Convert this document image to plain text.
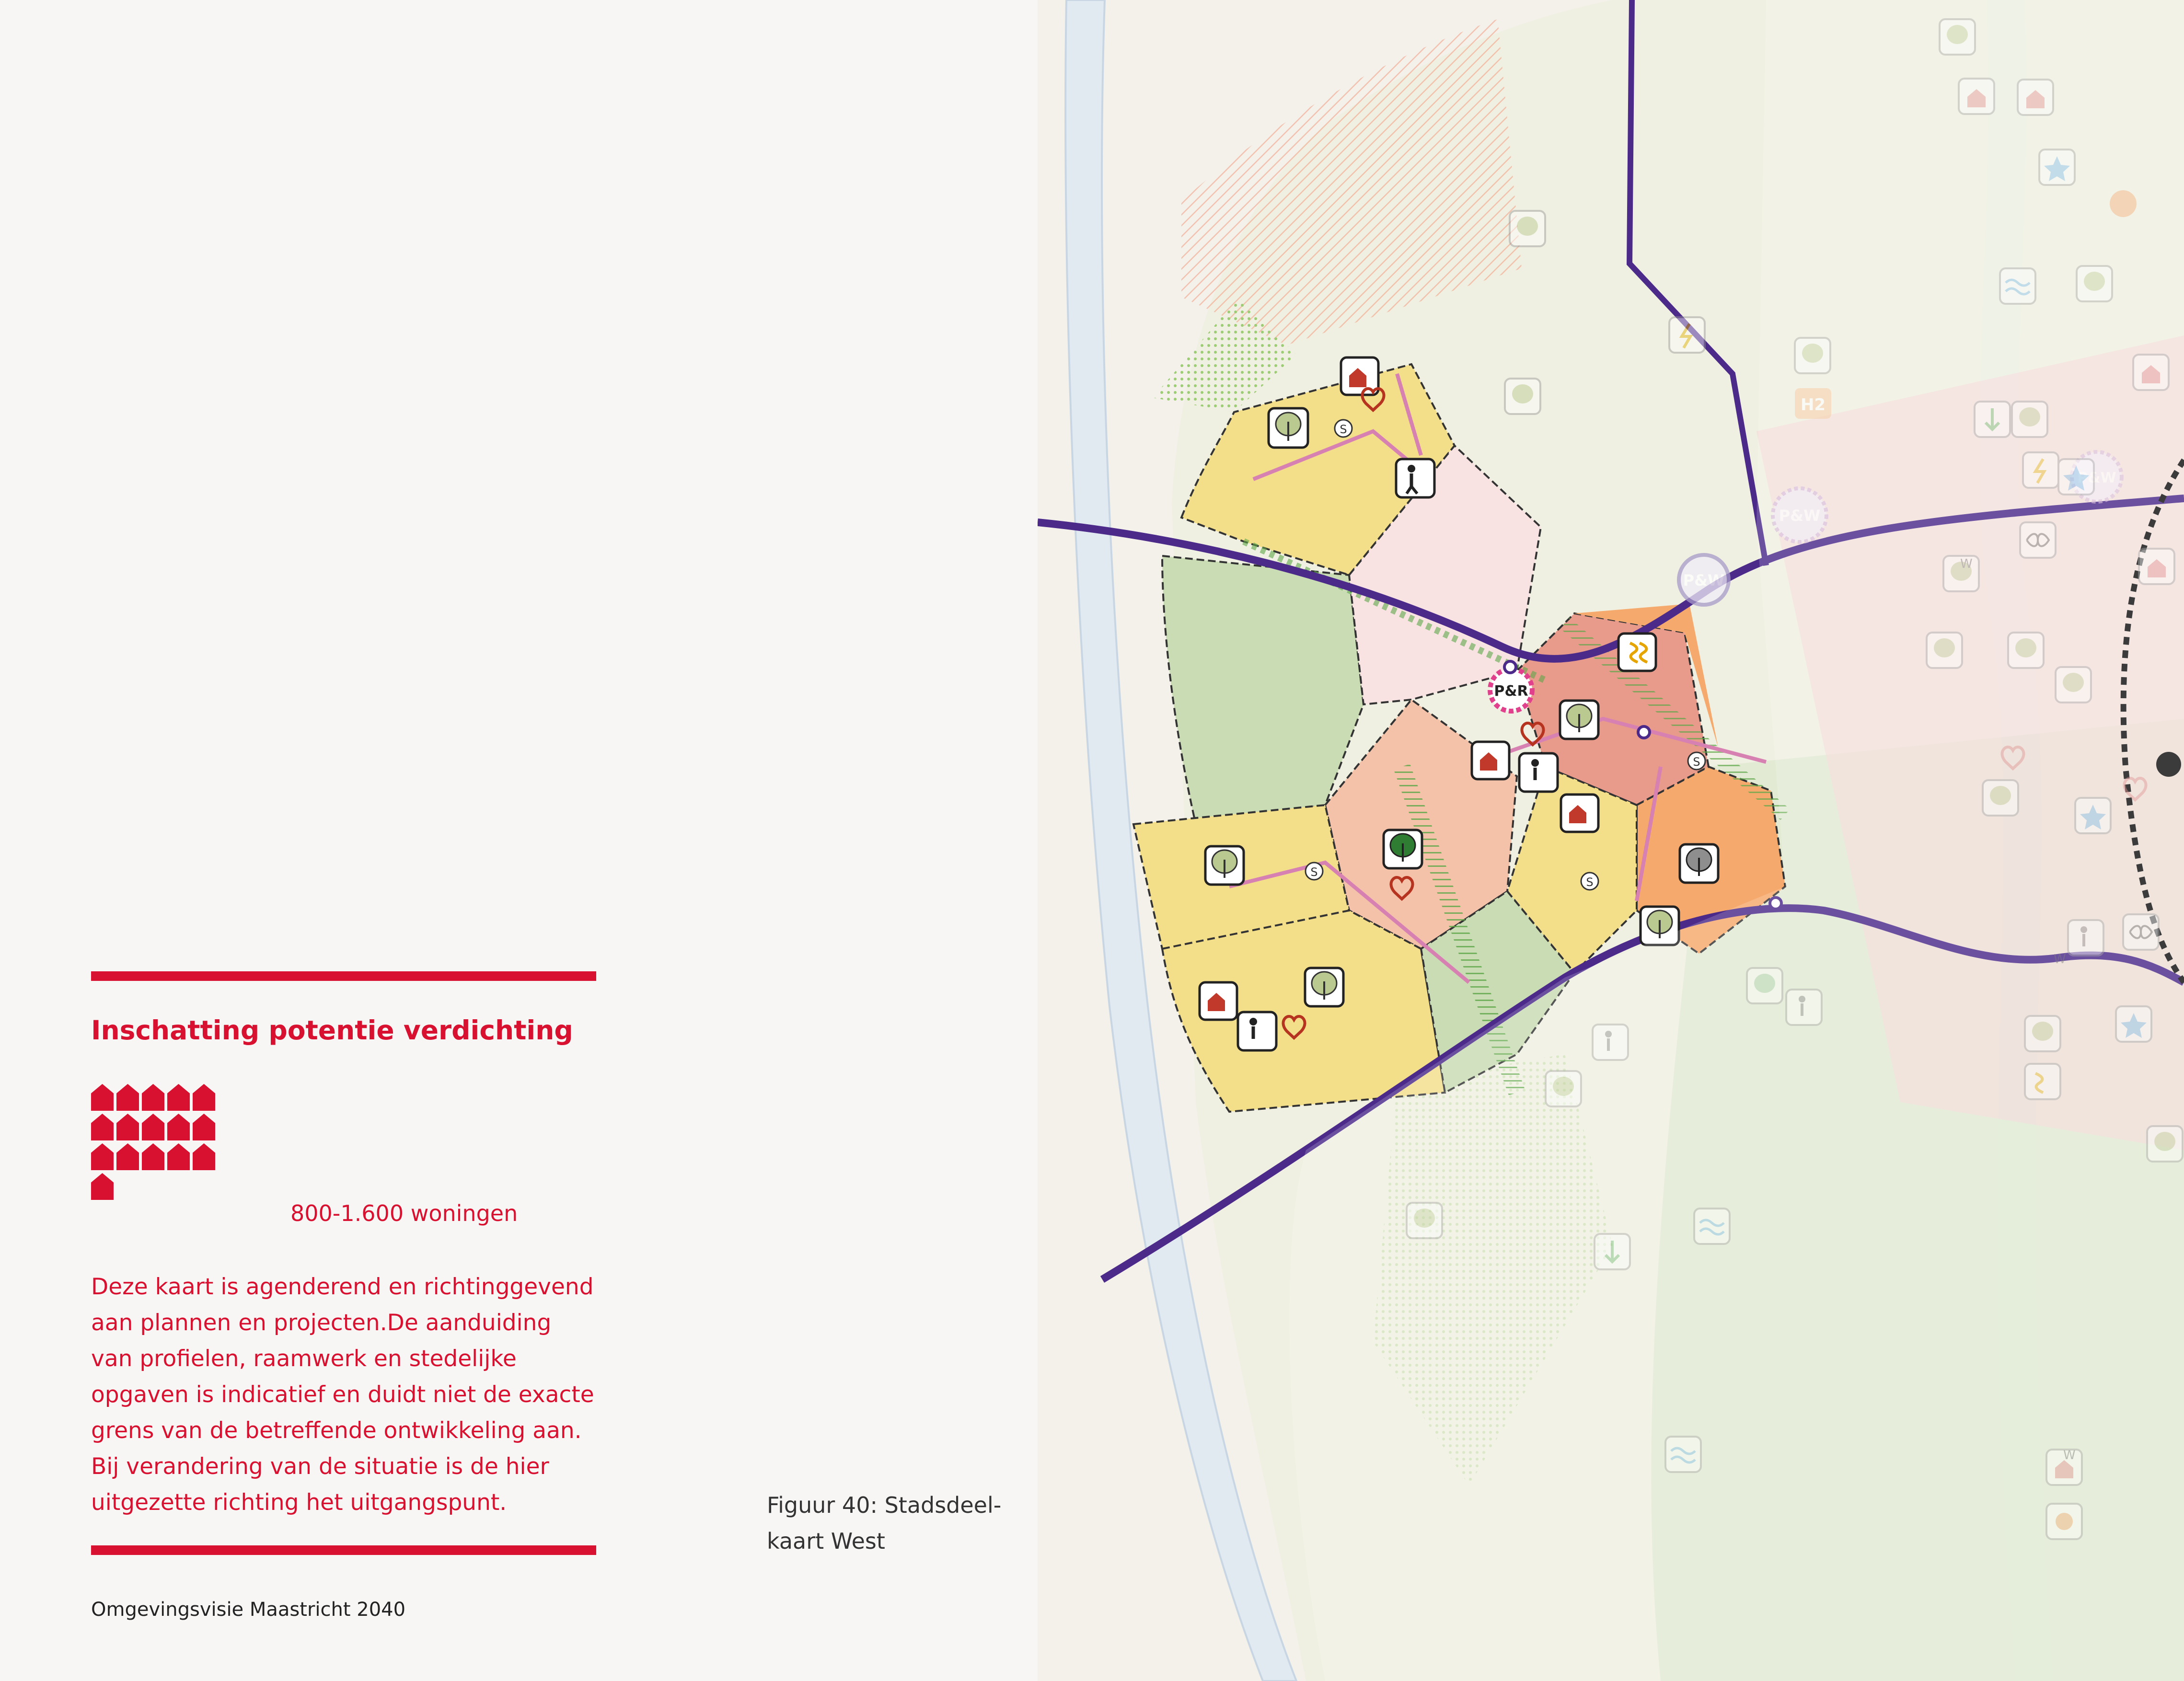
Inschatting potentie verdichting
800-1.600 woningen

Deze kaart is agenderend en richtinggevend aan plannen en projecten.De aanduiding van profielen, raamwerk en stedelijke opgaven is indicatief en duidt niet de exacte grens van de betreffende ontwikkeling aan. Bij verandering van de situatie is de hier uitgezette richting het uitgangspunt.	Figuur 40: Stadsdeel-kaart West
Omgevingsvisie Maastricht 2040
P&R
P&W
P&W
P&W
H2
S
S
S
S
W
W
W
